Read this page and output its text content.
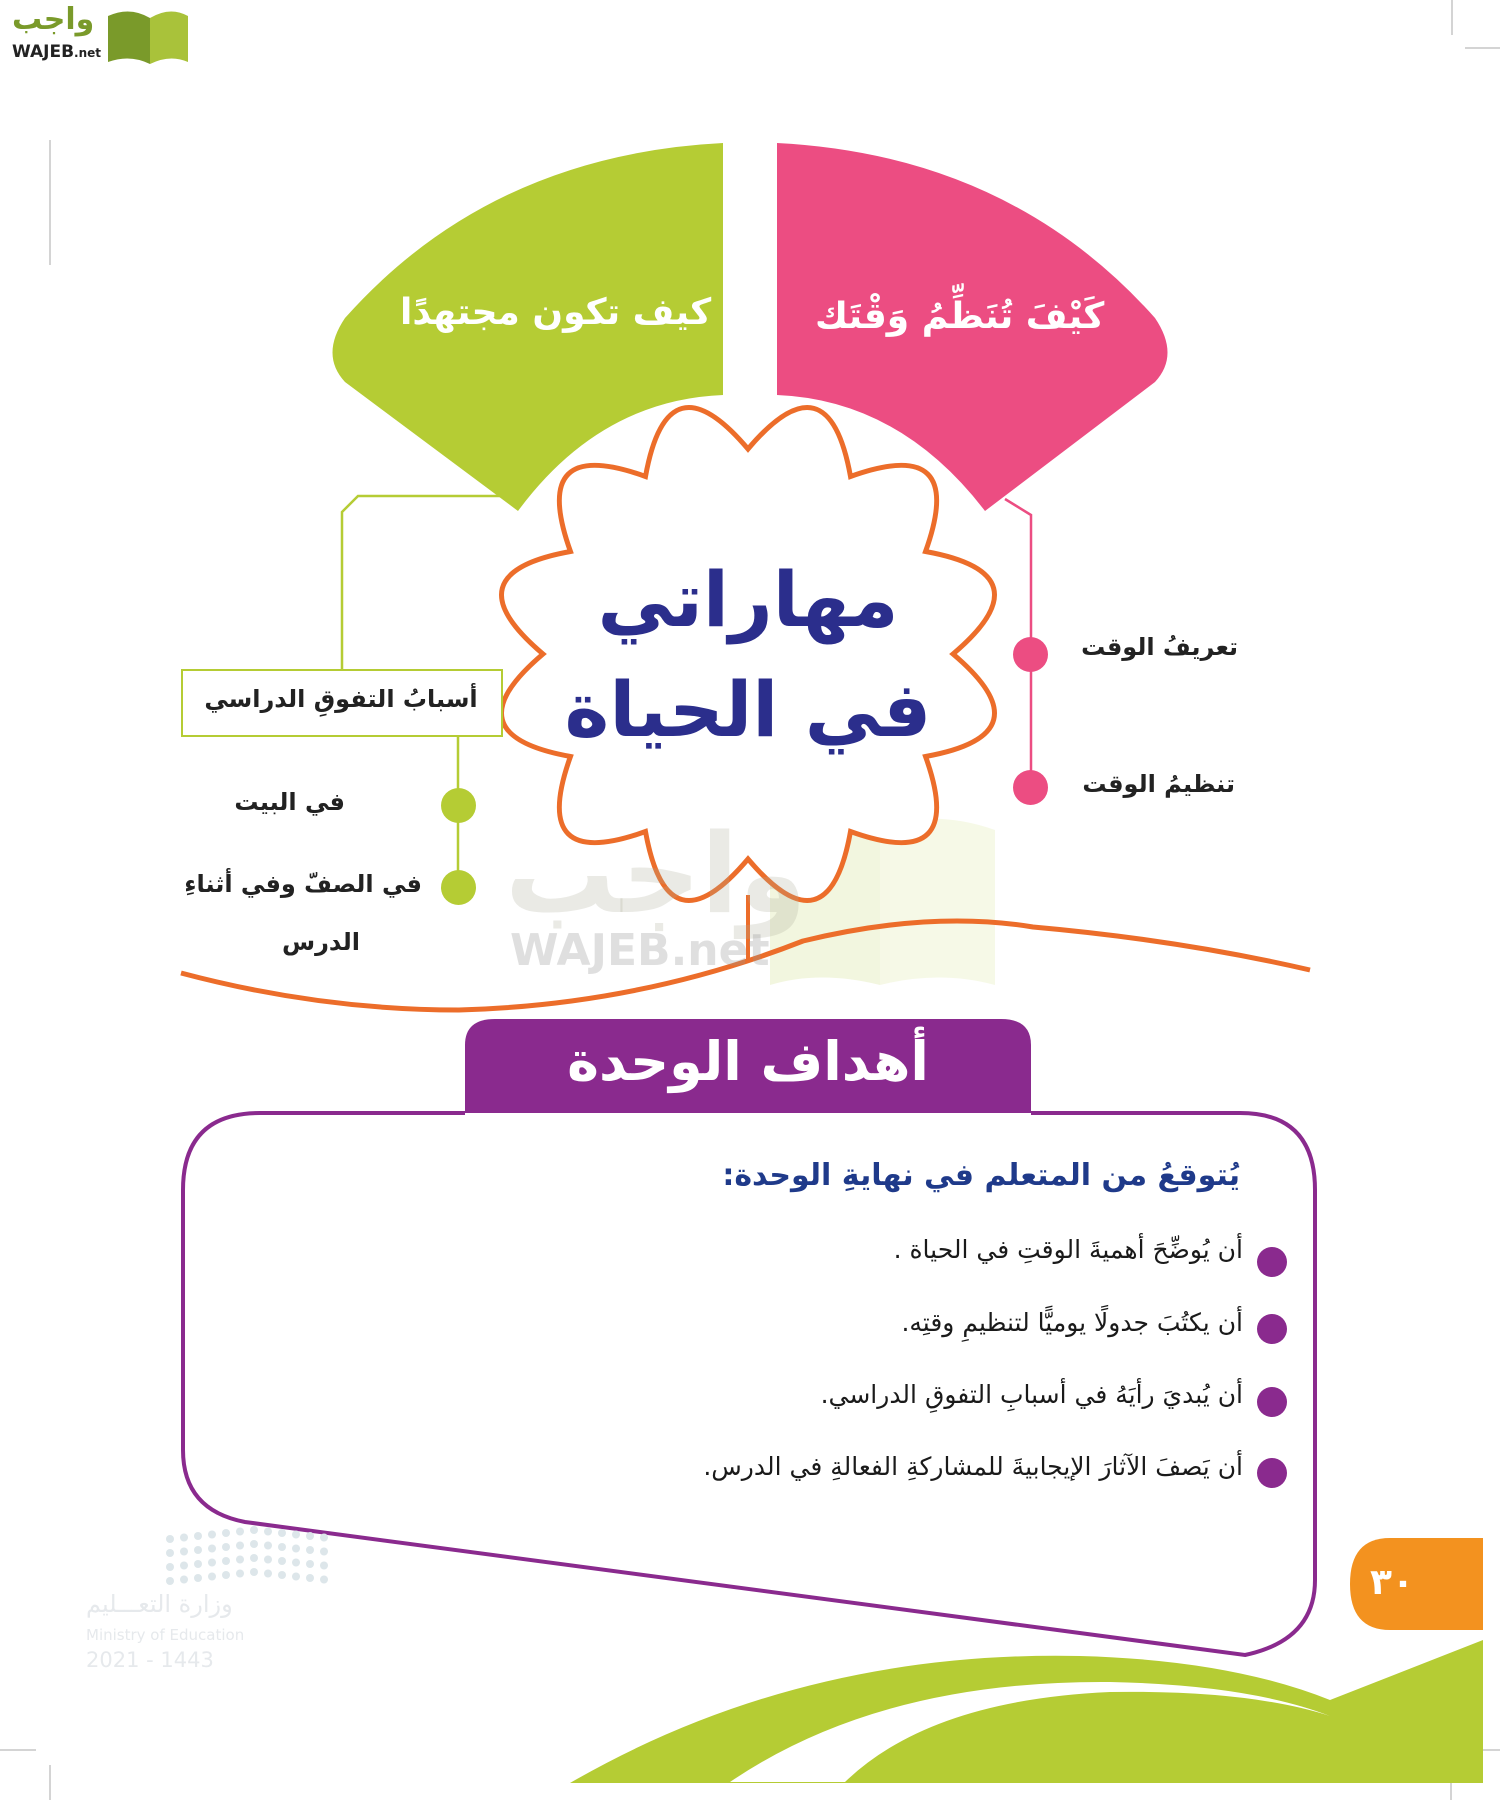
واجب
WAJEB.net
كيف تكون مجتهدًا	كَيْفَ تُنَظِّمُ وَقْتَك
مهاراتي
في الحياة
تعريفُ الوقت
تنظيمُ الوقت
أسبابُ التفوقِ الدراسي
في البيت
في الصفّ وفي أثناءِ
الدرس
واجب
WAJEB.net
أهداف الوحدة
يُتوقعُ من المتعلم في نهايةِ الوحدة:
أن يُوضِّحَ أهميةَ الوقتِ في الحياة .
أن يكتُبَ جدولًا يوميًّا لتنظيمِ وقتِه.
أن يُبديَ رأيَهُ في أسبابِ التفوقِ الدراسي.
أن يَصفَ الآثارَ الإيجابيةَ للمشاركةِ الفعالةِ في الدرس.
٣٠
وزارة التعـــليم
Ministry of Education
2021 - 1443
